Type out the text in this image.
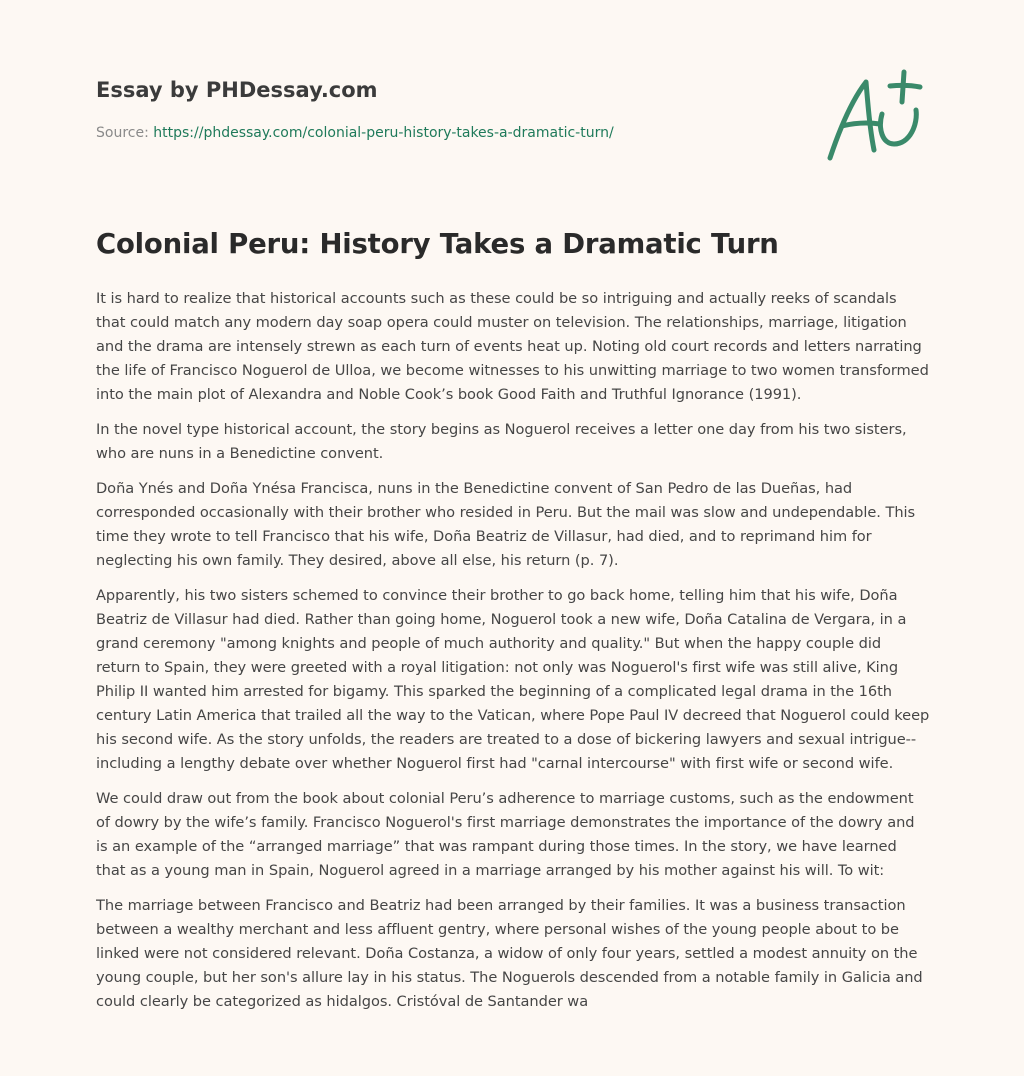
Essay by PHDessay.com
Source: https://phdessay.com/colonial-peru-history-takes-a-dramatic-turn/
Colonial Peru: History Takes a Dramatic Turn

It is hard to realize that historical accounts such as these could be so intriguing and actually reeks of scandals that could match any modern day soap opera could muster on television. The relationships, marriage, litigation and the drama are intensely strewn as each turn of events heat up. Noting old court records and letters narrating the life of Francisco Noguerol de Ulloa, we become witnesses to his unwitting marriage to two women transformed into the main plot of Alexandra and Noble Cook’s book Good Faith and Truthful Ignorance (1991).

In the novel type historical account, the story begins as Noguerol receives a letter one day from his two sisters, who are nuns in a Benedictine convent.

Doña Ynés and Doña Ynésa Francisca, nuns in the Benedictine convent of San Pedro de las Dueñas, had corresponded occasionally with their brother who resided in Peru. But the mail was slow and undependable. This time they wrote to tell Francisco that his wife, Doña Beatriz de Villasur, had died, and to reprimand him for neglecting his own family. They desired, above all else, his return (p. 7).

Apparently, his two sisters schemed to convince their brother to go back home, telling him that his wife, Doña Beatriz de Villasur had died. Rather than going home, Noguerol took a new wife, Doña Catalina de Vergara, in a grand ceremony "among knights and people of much authority and quality." But when the happy couple did return to Spain, they were greeted with a royal litigation: not only was Noguerol's first wife was still alive, King Philip II wanted him arrested for bigamy. This sparked the beginning of a complicated legal drama in the 16th century Latin America that trailed all the way to the Vatican, where Pope Paul IV decreed that Noguerol could keep his second wife. As the story unfolds, the readers are treated to a dose of bickering lawyers and sexual intrigue--including a lengthy debate over whether Noguerol first had "carnal intercourse" with first wife or second wife.

We could draw out from the book about colonial Peru’s adherence to marriage customs, such as the endowment of dowry by the wife’s family. Francisco Noguerol's first marriage demonstrates the importance of the dowry and is an example of the “arranged marriage” that was rampant during those times. In the story, we have learned that as a young man in Spain, Noguerol agreed in a marriage arranged by his mother against his will. To wit:

The marriage between Francisco and Beatriz had been arranged by their families. It was a business transaction between a wealthy merchant and less affluent gentry, where personal wishes of the young people about to be linked were not considered relevant. Doña Costanza, a widow of only four years, settled a modest annuity on the young couple, but her son's allure lay in his status. The Noguerols descended from a notable family in Galicia and could clearly be categorized as hidalgos. Cristóval de Santander wa
